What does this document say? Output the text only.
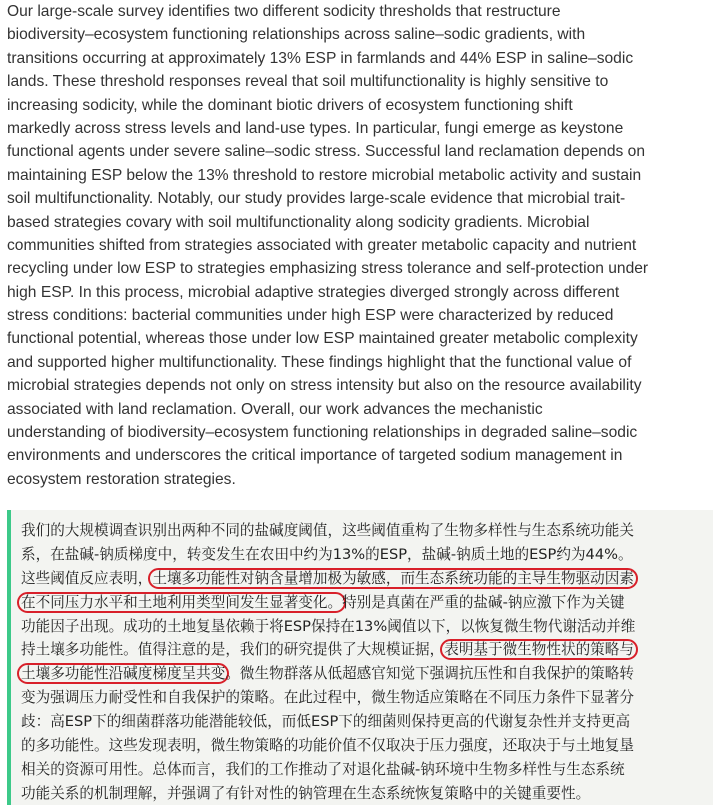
Our large-scale survey identifies two different sodicity thresholds that restructure
biodiversity–ecosystem functioning relationships across saline–sodic gradients, with
transitions occurring at approximately 13% ESP in farmlands and 44% ESP in saline–sodic
lands. These threshold responses reveal that soil multifunctionality is highly sensitive to
increasing sodicity, while the dominant biotic drivers of ecosystem functioning shift
markedly across stress levels and land-use types. In particular, fungi emerge as keystone
functional agents under severe saline–sodic stress. Successful land reclamation depends on
maintaining ESP below the 13% threshold to restore microbial metabolic activity and sustain
soil multifunctionality. Notably, our study provides large-scale evidence that microbial trait-
based strategies covary with soil multifunctionality along sodicity gradients. Microbial
communities shifted from strategies associated with greater metabolic capacity and nutrient
recycling under low ESP to strategies emphasizing stress tolerance and self-protection under
high ESP. In this process, microbial adaptive strategies diverged strongly across different
stress conditions: bacterial communities under high ESP were characterized by reduced
functional potential, whereas those under low ESP maintained greater metabolic complexity
and supported higher multifunctionality. These findings highlight that the functional value of
microbial strategies depends not only on stress intensity but also on the resource availability
associated with land reclamation. Overall, our work advances the mechanistic
understanding of biodiversity–ecosystem functioning relationships in degraded saline–sodic
environments and underscores the critical importance of targeted sodium management in
ecosystem restoration strategies.
我们的大规模调查识别出两种不同的盐碱度阈值，这些阈值重构了生物多样性与生态系统功能关
系，在盐碱-钠质梯度中，转变发生在农田中约为13%的ESP，盐碱-钠质土地的ESP约为44%。
这些阈值反应表明，土壤多功能性对钠含量增加极为敏感，而生态系统功能的主导生物驱动因素
在不同压力水平和土地利用类型间发生显著变化。特别是真菌在严重的盐碱-钠应激下作为关键
功能因子出现。成功的土地复垦依赖于将ESP保持在13%阈值以下，以恢复微生物代谢活动并维
持土壤多功能性。值得注意的是，我们的研究提供了大规模证据，表明基于微生物性状的策略与
土壤多功能性沿碱度梯度呈共变。微生物群落从低超感官知觉下强调抗压性和自我保护的策略转
变为强调压力耐受性和自我保护的策略。在此过程中，微生物适应策略在不同压力条件下显著分
歧：高ESP下的细菌群落功能潜能较低，而低ESP下的细菌则保持更高的代谢复杂性并支持更高
的多功能性。这些发现表明，微生物策略的功能价值不仅取决于压力强度，还取决于与土地复垦
相关的资源可用性。总体而言，我们的工作推动了对退化盐碱-钠环境中生物多样性与生态系统
功能关系的机制理解，并强调了有针对性的钠管理在生态系统恢复策略中的关键重要性。
